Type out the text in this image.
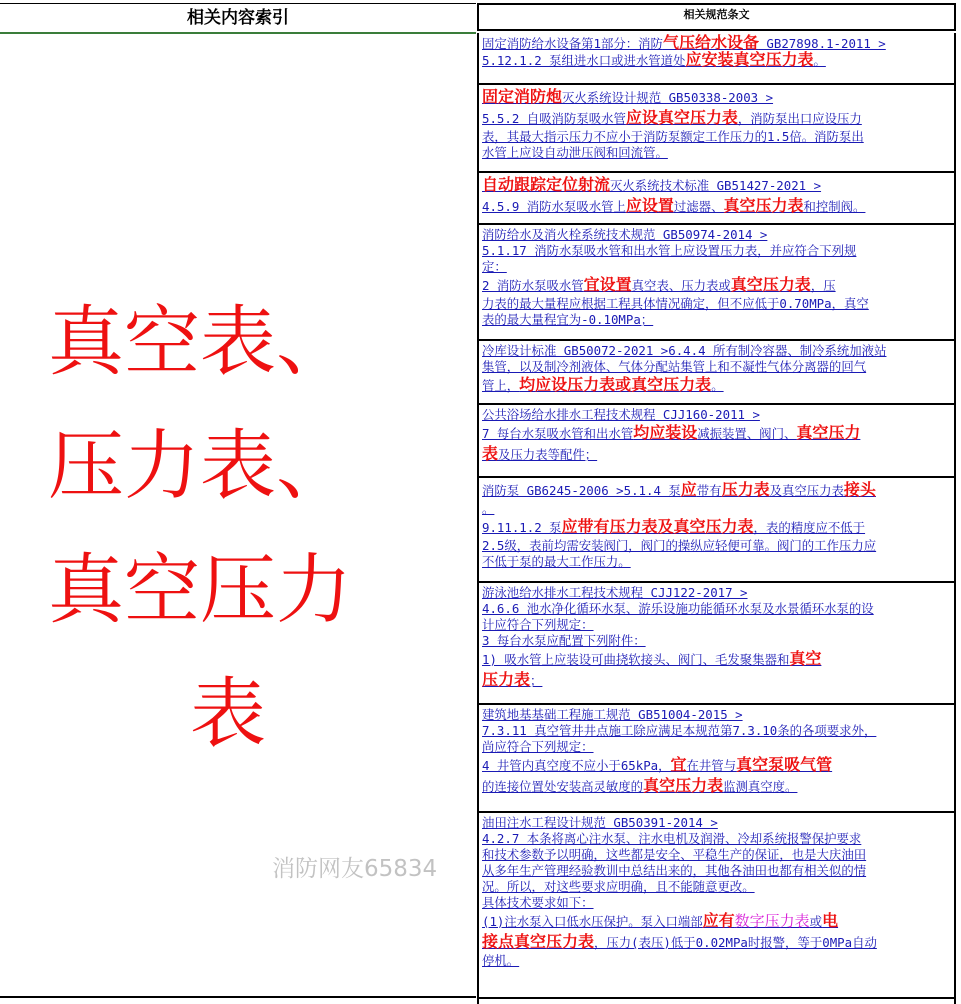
相关内容索引	相关规范条文
真空表、
压力表、
真空压力
表
固定消防给水设备第1部分：消防气压给水设备 GB27898.1-2011 >
5.12.1.2 泵组进水口或进水管道处应安装真空压力表。
固定消防炮灭火系统设计规范 GB50338-2003 >
5.5.2 自吸消防泵吸水管应设真空压力表，消防泵出口应设压力
表，其最大指示压力不应小于消防泵额定工作压力的1.5倍。消防泵出
水管上应设自动泄压阀和回流管。
自动跟踪定位射流灭火系统技术标准 GB51427-2021 >
4.5.9 消防水泵吸水管上应设置过滤器、真空压力表和控制阀。
消防给水及消火栓系统技术规范 GB50974-2014 >
5.1.17 消防水泵吸水管和出水管上应设置压力表，并应符合下列规
定：
2 消防水泵吸水管宜设置真空表、压力表或真空压力表，压
力表的最大量程应根据工程具体情况确定，但不应低于0.70MPa，真空
表的最大量程宜为-0.10MPa；
冷库设计标准 GB50072-2021 >6.4.4 所有制冷容器、制冷系统加液站
集管，以及制冷剂液体、气体分配站集管上和不凝性气体分离器的回气
管上，均应设压力表或真空压力表。
公共浴场给水排水工程技术规程 CJJ160-2011 >
7 每台水泵吸水管和出水管均应装设减振装置、阀门、真空压力
表及压力表等配件；
消防泵 GB6245-2006 >5.1.4 泵应带有压力表及真空压力表接头
。
9.11.1.2 泵应带有压力表及真空压力表，表的精度应不低于
2.5级，表前均需安装阀门，阀门的操纵应轻便可靠。阀门的工作压力应
不低于泵的最大工作压力。
游泳池给水排水工程技术规程 CJJ122-2017 >
4.6.6 池水净化循环水泵、游乐设施功能循环水泵及水景循环水泵的设
计应符合下列规定：
3 每台水泵应配置下列附件：
1) 吸水管上应装设可曲挠软接头、阀门、毛发聚集器和真空
压力表；
建筑地基基础工程施工规范 GB51004-2015 >
7.3.11 真空管井井点施工除应满足本规范第7.3.10条的各项要求外，
尚应符合下列规定：
4 井管内真空度不应小于65kPa，宜在井管与真空泵吸气管
的连接位置处安装高灵敏度的真空压力表监测真空度。
油田注水工程设计规范 GB50391-2014 >
4.2.7 本条将离心注水泵、注水电机及润滑、冷却系统报警保护要求
和技术参数予以明确，这些都是安全、平稳生产的保证，也是大庆油田
从多年生产管理经验教训中总结出来的，其他各油田也都有相关似的情
况。所以，对这些要求应明确，且不能随意更改。
具体技术要求如下：
(1)注水泵入口低水压保护。泵入口端部应有数字压力表或电
接点真空压力表，压力(表压)低于0.02MPa时报警，等于0MPa自动
停机。
消防网友65834
